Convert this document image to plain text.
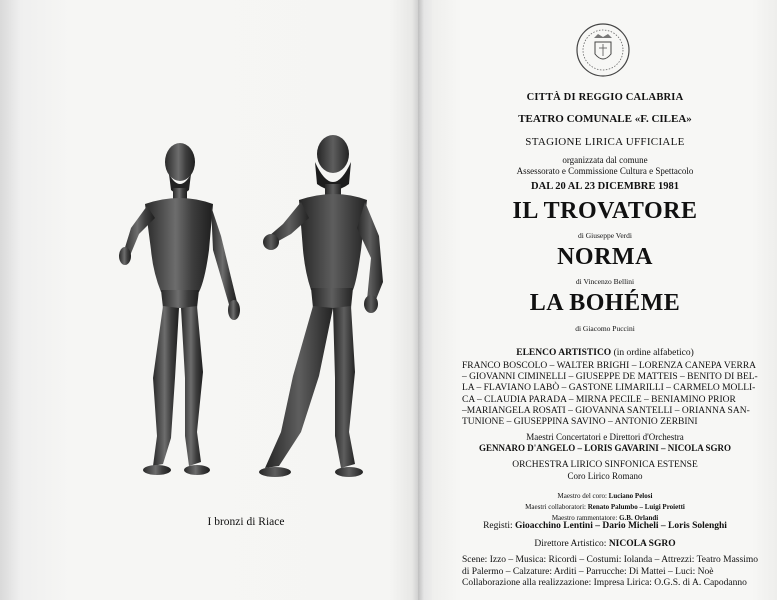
I bronzi di Riace
CITTÀ DI REGGIO CALABRIA
TEATRO COMUNALE «F. CILEA»
STAGIONE LIRICA UFFICIALE
organizzata dal comune
Assessorato e Commissione Cultura e Spettacolo
DAL 20 AL 23 DICEMBRE 1981
IL TROVATORE
di Giuseppe Verdi
NORMA
di Vincenzo Bellini
LA BOHÉME
di Giacomo Puccini
ELENCO ARTISTICO (in ordine alfabetico)
FRANCO BOSCOLO – WALTER BRIGHI – LORENZA CANEPA VERRA
– GIOVANNI CIMINELLI – GIUSEPPE DE MATTEIS – BENITO DI BEL-
LA – FLAVIANO LABÒ – GASTONE LIMARILLI – CARMELO MOLLI-
CA – CLAUDIA PARADA – MIRNA PECILE – BENIAMINO PRIOR
–MARIANGELA ROSATI – GIOVANNA SANTELLI – ORIANNA SAN-
TUNIONE – GIUSEPPINA SAVINO – ANTONIO ZERBINI
Maestri Concertatori e Direttori d'Orchestra
GENNARO D'ANGELO – LORIS GAVARINI – NICOLA SGRO
ORCHESTRA LIRICO SINFONICA ESTENSE
Coro Lirico Romano
Maestro del coro: Luciano Pelosi
Maestri collaboratori: Renato Palumbo – Luigi Proietti
Maestro rammentatore: G.B. Orlandi
Registi: Gioacchino Lentini – Dario Micheli – Loris Solenghi
Direttore Artistico: NICOLA SGRO
Scene: Izzo – Musica: Ricordi – Costumi: Iolanda – Attrezzi: Teatro Massimo
di Palermo – Calzature: Arditi – Parrucche: Di Mattei – Luci: Noè
Collaborazione alla realizzazione: Impresa Lirica: O.G.S. di A. Capodanno
